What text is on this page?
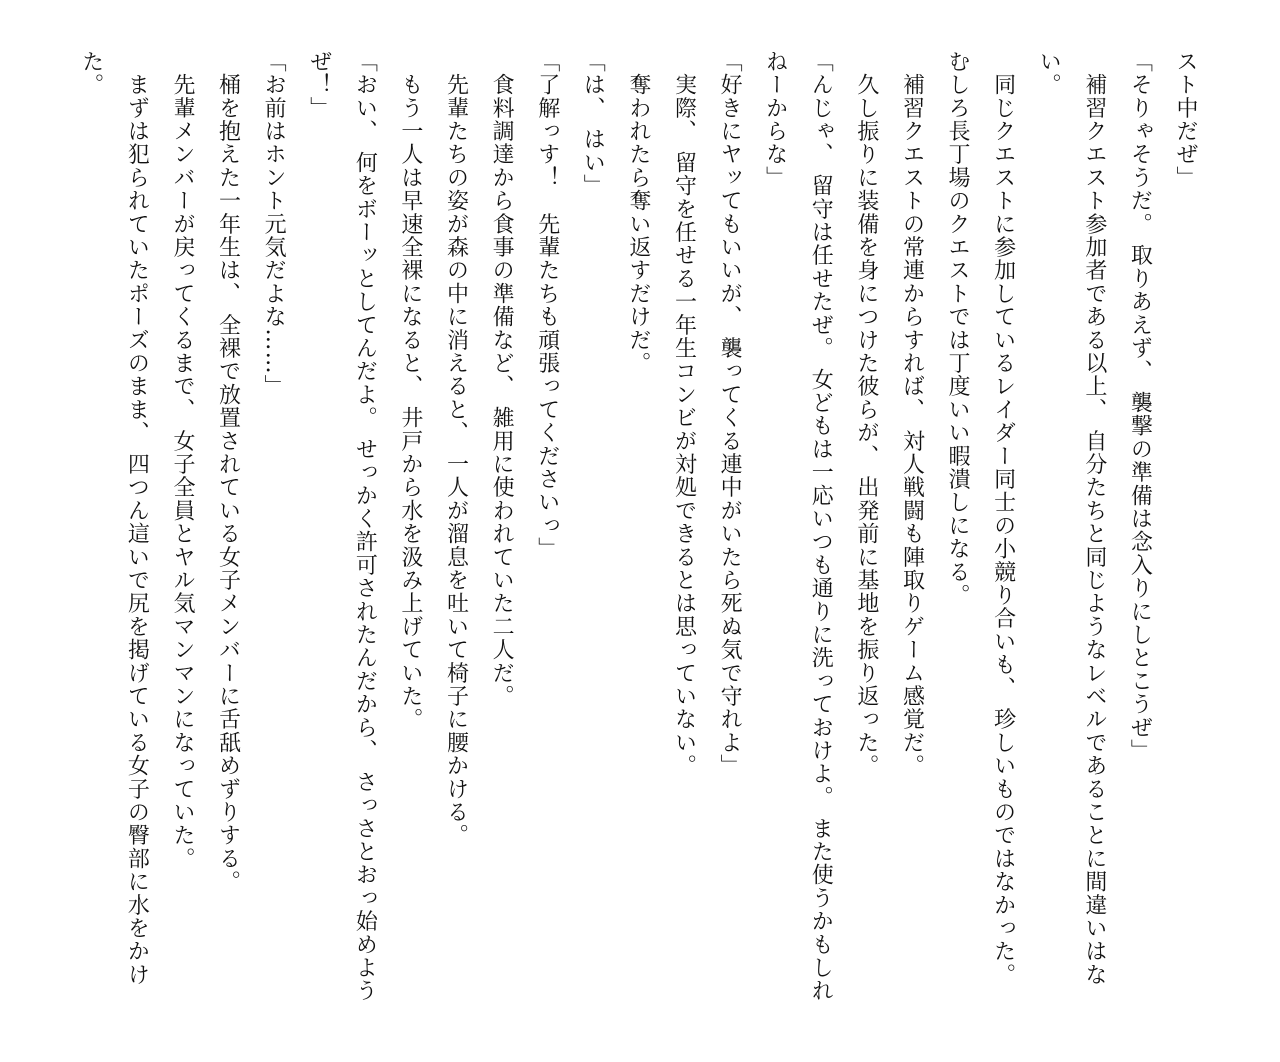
スト中だぜ」
「そりゃそうだ。 取りあえず、 襲撃の準備は念入りにしとこうぜ」
　補習クエスト参加者である以上、 自分たちと同じようなレベルであることに間違いはな
い。
　同じクエストに参加しているレイダー同士の小競り合いも、 珍しいものではなかった。
むしろ長丁場のクエストでは丁度いい暇潰しになる。
　補習クエストの常連からすれば、 対人戦闘も陣取りゲーム感覚だ。
　久し振りに装備を身につけた彼らが、 出発前に基地を振り返った。
「んじゃ、 留守は任せたぜ。 女どもは一応いつも通りに洗っておけよ。 また使うかもしれ
ねーからな」
「好きにヤッてもいいが、 襲ってくる連中がいたら死ぬ気で守れよ」
　実際、 留守を任せる一年生コンビが対処できるとは思っていない。
　奪われたら奪い返すだけだ。
「は、 はい」
「了解っす！　先輩たちも頑張ってくださいっ」
　食料調達から食事の準備など、 雑用に使われていた二人だ。
　先輩たちの姿が森の中に消えると、 一人が溜息を吐いて椅子に腰かける。
　もう一人は早速全裸になると、 井戸から水を汲み上げていた。
「おい、 何をボーッとしてんだよ。 せっかく許可されたんだから、 さっさとおっ始めよう
ぜ！」
「お前はホント元気だよな……」
　桶を抱えた一年生は、 全裸で放置されている女子メンバーに舌舐めずりする。
　先輩メンバーが戻ってくるまで、 女子全員とヤル気マンマンになっていた。
　まずは犯られていたポーズのまま、 四つん這いで尻を掲げている女子の臀部に水をかけ
た。
